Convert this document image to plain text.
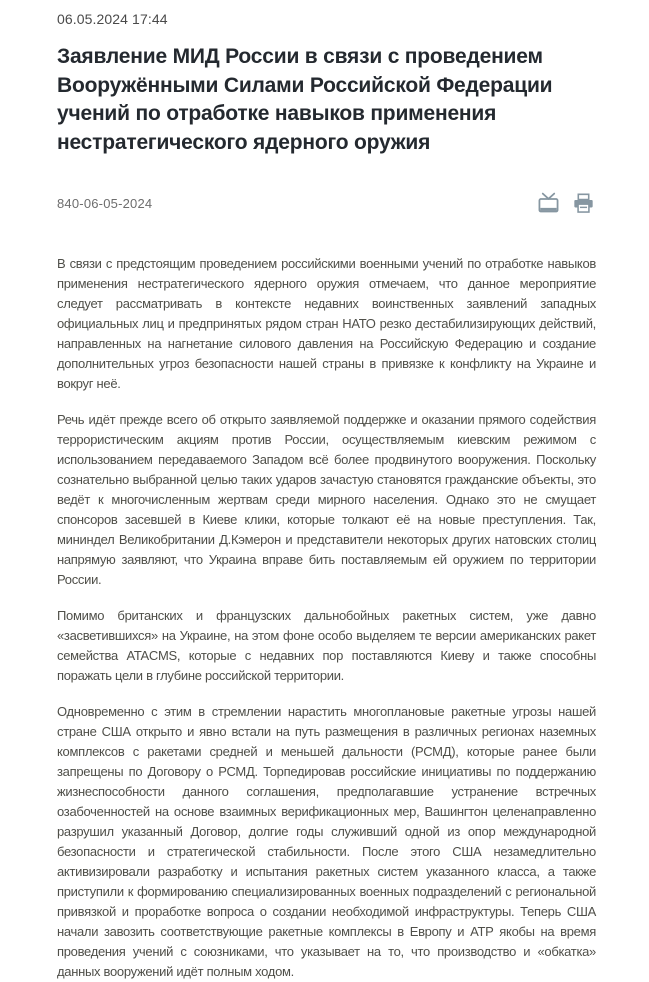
06.05.2024 17:44
Заявление МИД России в связи с проведением Вооружёнными Силами Российской Федерации учений по отработке навыков применения нестратегического ядерного оружия
840-06-05-2024

В связи с предстоящим проведением российскими военными учений по отработке навыков применения нестратегического ядерного оружия отмечаем, что данное мероприятие следует рассматривать в контексте недавних воинственных заявлений западных официальных лиц и предпринятых рядом стран НАТО резко дестабилизирующих действий, направленных на нагнетание силового давления на Российскую Федерацию и создание дополнительных угроз безопасности нашей страны в привязке к конфликту на Украине и вокруг неё.

Речь идёт прежде всего об открыто заявляемой поддержке и оказании прямого содействия террористическим акциям против России, осуществляемым киевским режимом с использованием передаваемого Западом всё более продвинутого вооружения. Поскольку сознательно выбранной целью таких ударов зачастую становятся гражданские объекты, это ведёт к многочисленным жертвам среди мирного населения. Однако это не смущает спонсоров засевшей в Киеве клики, которые толкают её на новые преступления. Так, мининдел Великобритании Д.Кэмерон и представители некоторых других натовских столиц напрямую заявляют, что Украина вправе бить поставляемым ей оружием по территории России.

Помимо британских и французских дальнобойных ракетных систем, уже давно «засветившихся» на Украине, на этом фоне особо выделяем те версии американских ракет семейства ATACMS, которые с недавних пор поставляются Киеву и также способны поражать цели в глубине российской территории.

Одновременно с этим в стремлении нарастить многоплановые ракетные угрозы нашей стране США открыто и явно встали на путь размещения в различных регионах наземных комплексов с ракетами средней и меньшей дальности (РСМД), которые ранее были запрещены по Договору о РСМД. Торпедировав российские инициативы по поддержанию жизнеспособности данного соглашения, предполагавшие устранение встречных озабоченностей на основе взаимных верификационных мер, Вашингтон целенаправленно разрушил указанный Договор, долгие годы служивший одной из опор международной безопасности и стратегической стабильности. После этого США незамедлительно активизировали разработку и испытания ракетных систем указанного класса, а также приступили к формированию специализированных военных подразделений с региональной привязкой и проработке вопроса о создании необходимой инфраструктуры. Теперь США начали завозить соответствующие ракетные комплексы в Европу и АТР якобы на время проведения учений с союзниками, что указывает на то, что производство и «обкатка» данных вооружений идёт полным ходом.
